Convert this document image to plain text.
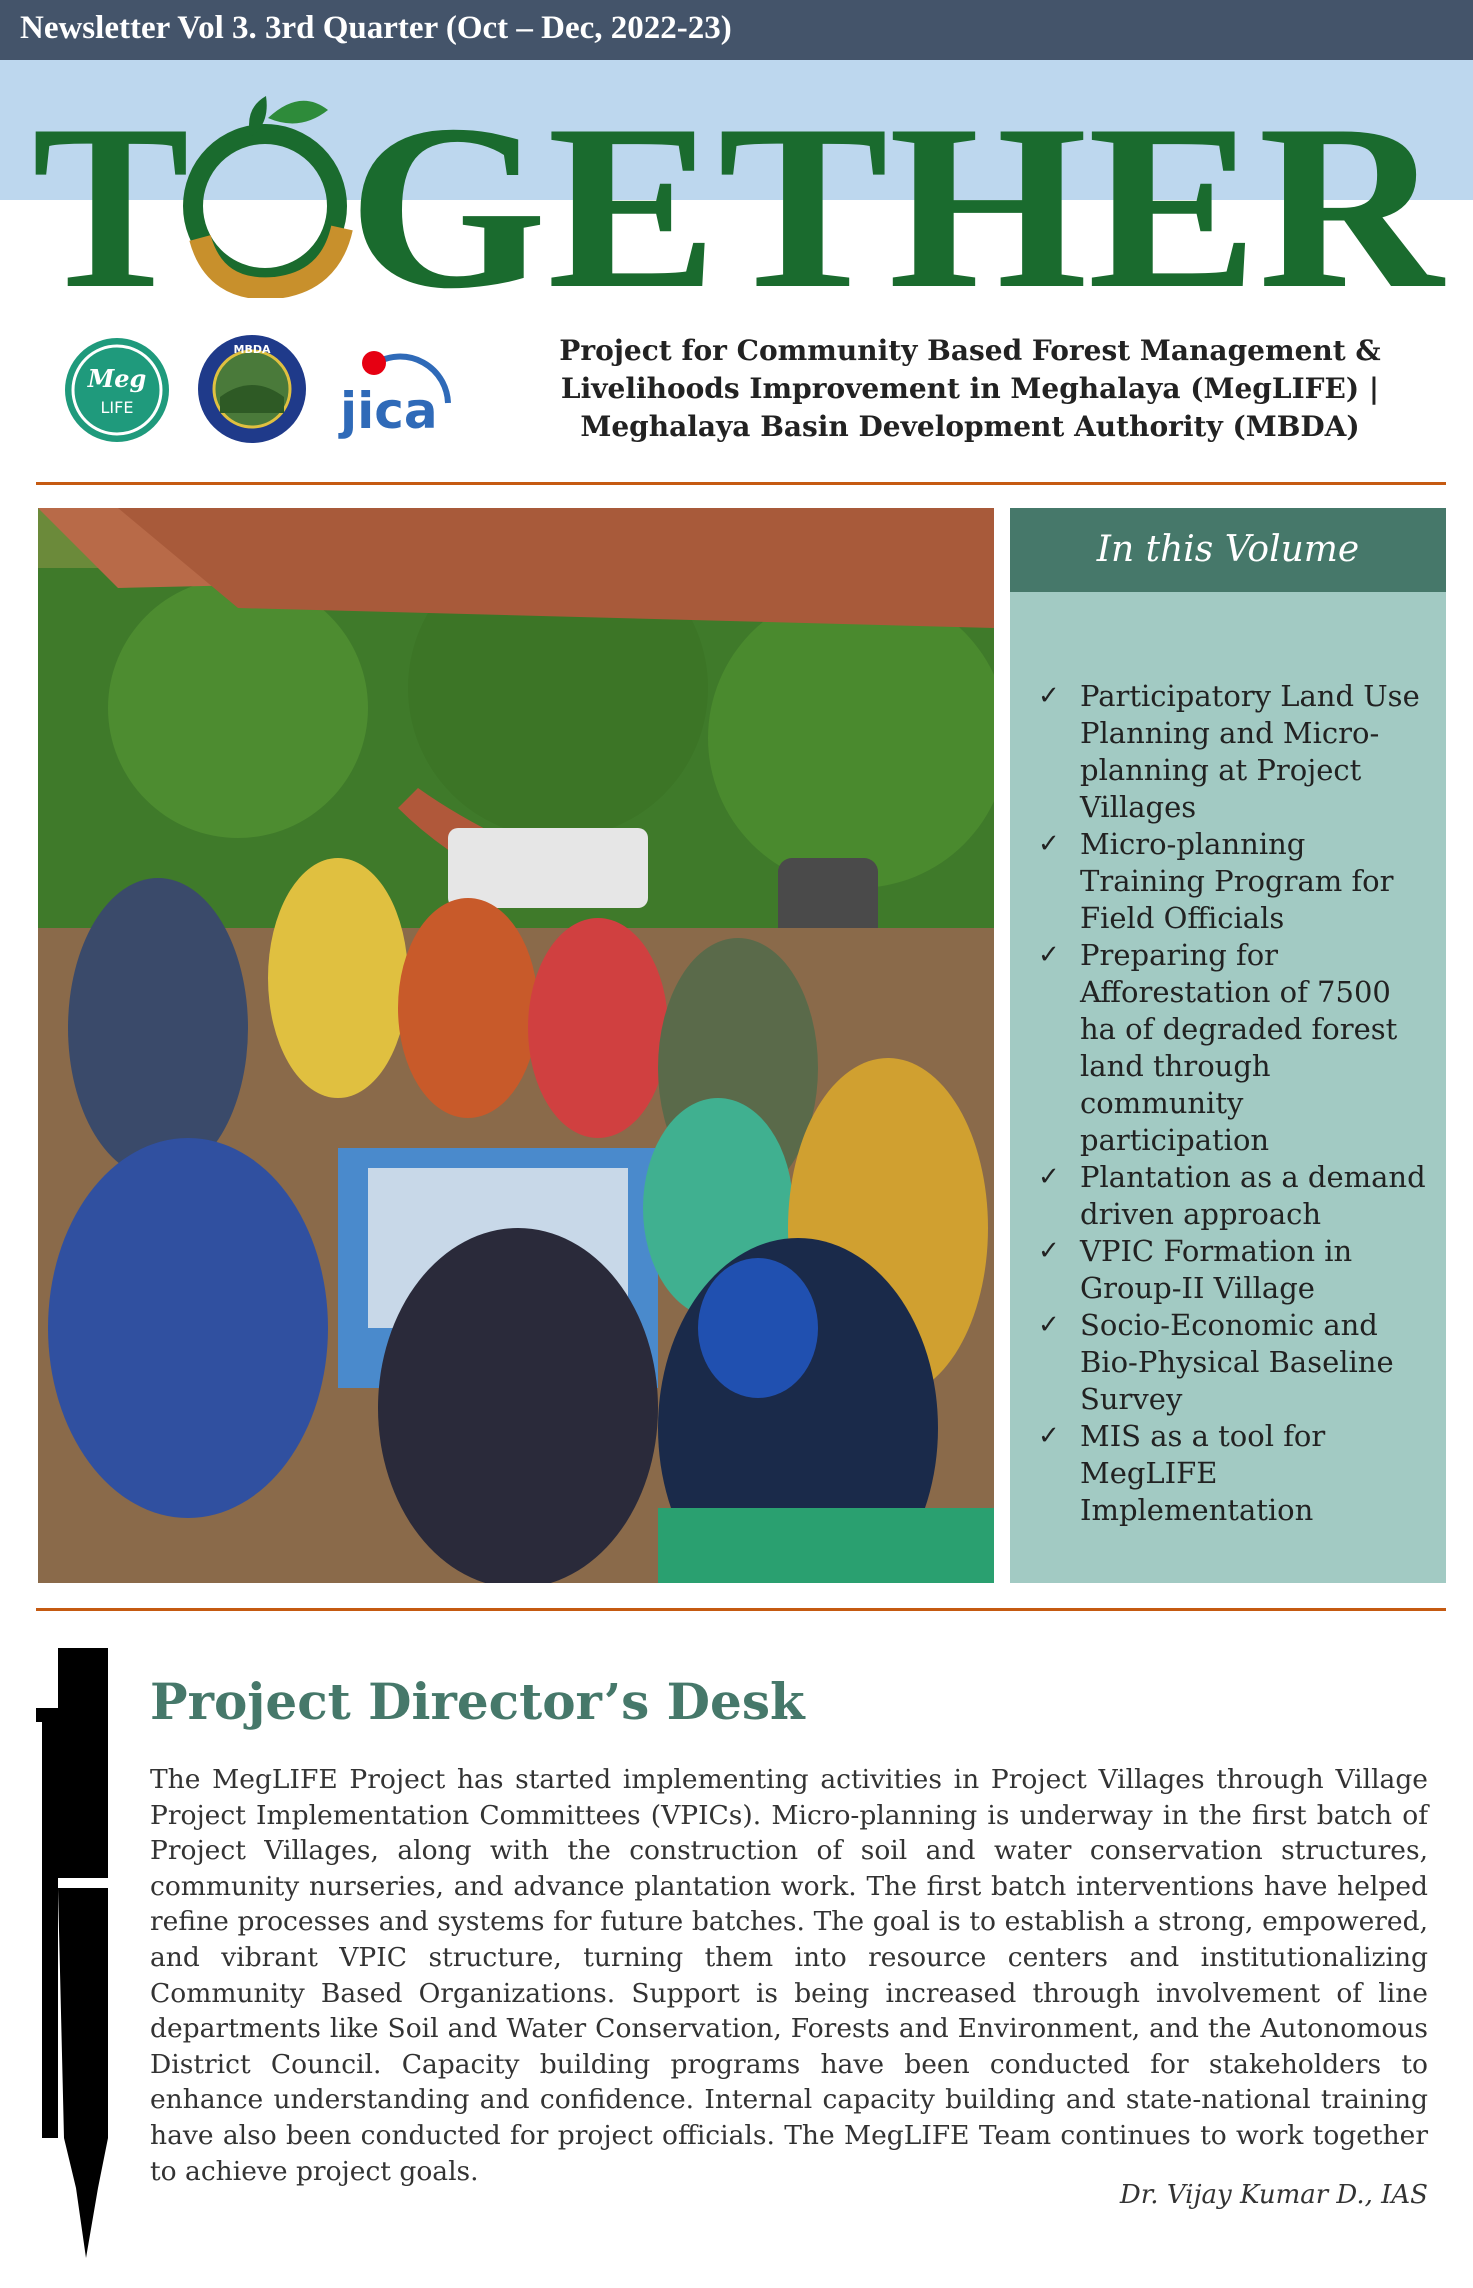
Newsletter Vol 3. 3rd Quarter (Oct – Dec, 2022-23)
T GETHER
Meg
LIFE
MBDA
jica
Project for Community Based Forest Management & Livelihoods Improvement in Meghalaya (MegLIFE) | Meghalaya Basin Development Authority (MBDA)
In this Volume
✓ Participatory Land Use Planning and Micro-planning at Project Villages
✓ Micro-planning Training Program for Field Officials
✓ Preparing for Afforestation of 7500 ha of degraded forest land through community participation
✓ Plantation as a demand driven approach
✓ VPIC Formation in Group-II Village
✓ Socio-Economic and Bio-Physical Baseline Survey
✓ MIS as a tool for MegLIFE Implementation
Project Director’s Desk
The MegLIFE Project has started implementing activities in Project Villages through Village Project Implementation Committees (VPICs). Micro-planning is underway in the first batch of Project Villages, along with the construction of soil and water conservation structures, community nurseries, and advance plantation work. The first batch interventions have helped refine processes and systems for future batches. The goal is to establish a strong, empowered, and vibrant VPIC structure, turning them into resource centers and institutionalizing Community Based Organizations. Support is being increased through involvement of line departments like Soil and Water Conservation, Forests and Environment, and the Autonomous District Council. Capacity building programs have been conducted for stakeholders to enhance understanding and confidence. Internal capacity building and state-national training have also been conducted for project officials. The MegLIFE Team continues to work together to achieve project goals.
Dr. Vijay Kumar D., IAS
